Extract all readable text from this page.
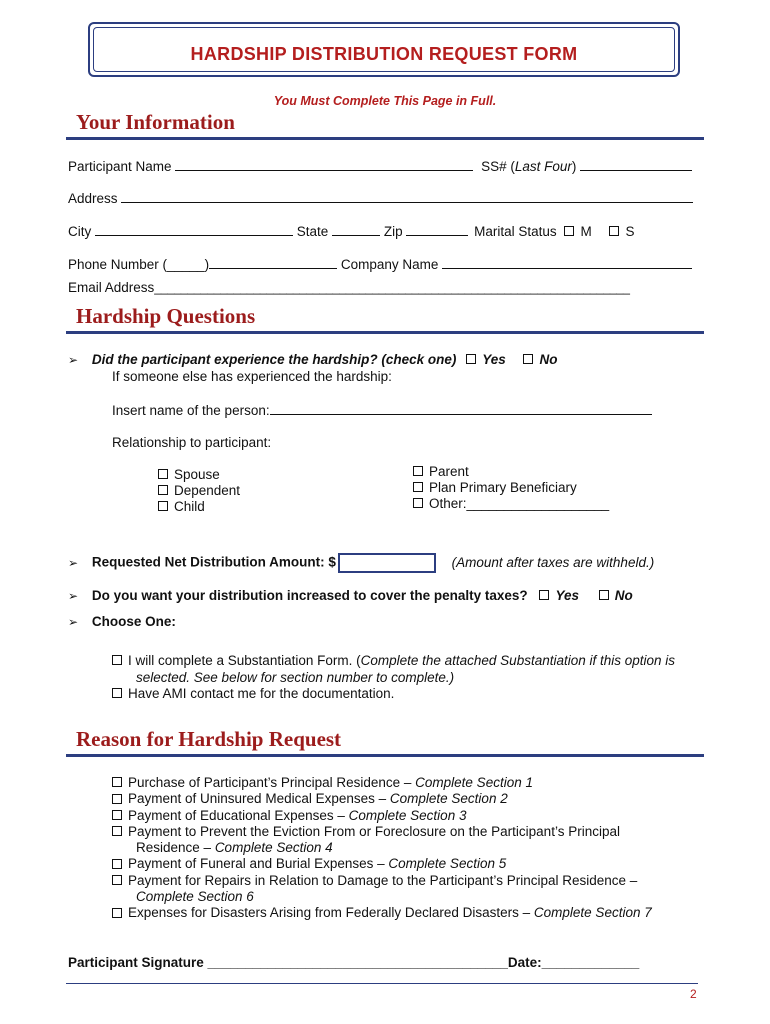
HARDSHIP DISTRIBUTION REQUEST FORM
You Must Complete This Page in Full.
Your Information
Participant Name	SS# (Last Four)
Address
City	State	Zip	Marital Status M	S
Phone Number (_____)	Company Name
Email Address________________________________________________________________________
Hardship Questions
➢ Did the participant experience the hardship? (check one) Yes	No
If someone else has experienced the hardship:
Insert name of the person:
Relationship to participant:
Spouse
Dependent
Child
Parent
Plan Primary Beneficiary
Other:___________________
➢ Requested Net Distribution Amount: $	(Amount after taxes are withheld.)
➢ Do you want your distribution increased to cover the penalty taxes? Yes	No
➢ Choose One:
I will complete a Substantiation Form. (Complete the attached Substantiation if this option is
selected. See below for section number to complete.)
Have AMI contact me for the documentation.
Reason for Hardship Request
Purchase of Participant’s Principal Residence – Complete Section 1
Payment of Uninsured Medical Expenses – Complete Section 2
Payment of Educational Expenses – Complete Section 3
Payment to Prevent the Eviction From or Foreclosure on the Participant’s Principal
Residence – Complete Section 4
Payment of Funeral and Burial Expenses – Complete Section 5
Payment for Repairs in Relation to Damage to the Participant’s Principal Residence –
Complete Section 6
Expenses for Disasters Arising from Federally Declared Disasters – Complete Section 7
Participant Signature ________________________________________Date:_____________
2
